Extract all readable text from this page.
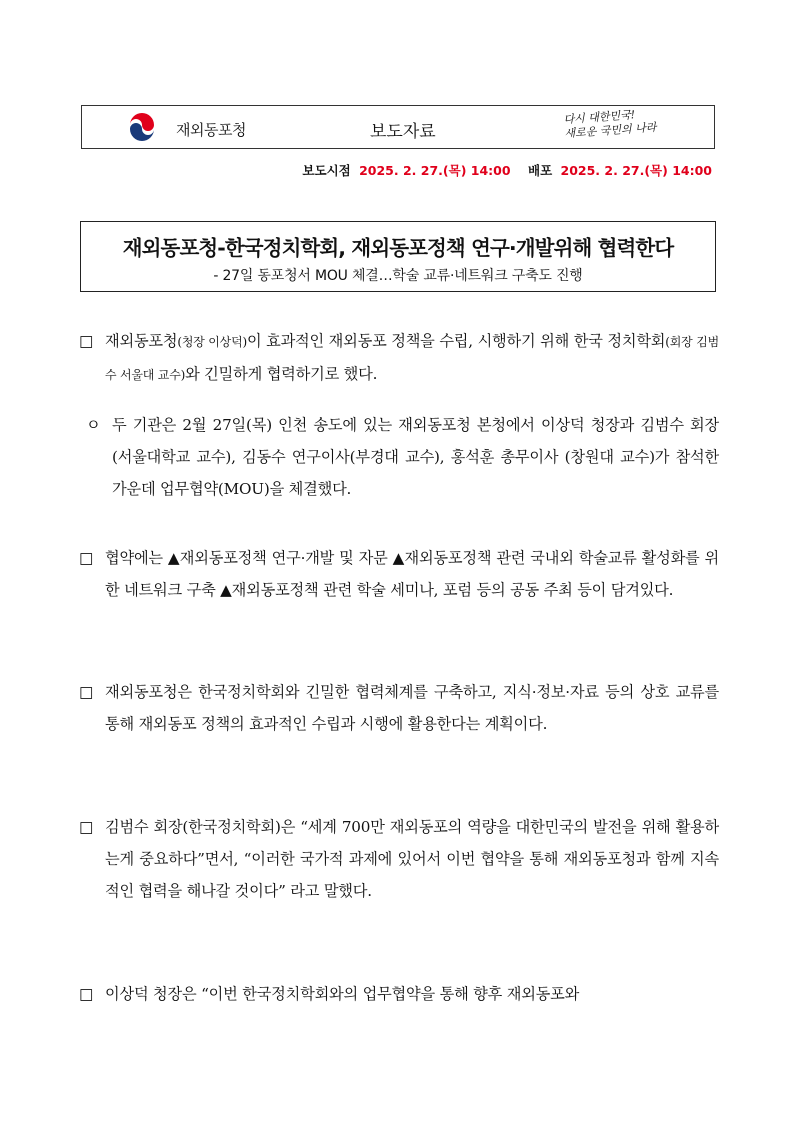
재외동포청	보도자료
다시 대한민국!
새로운 국민의 나라
보도시점 2025. 2. 27.(목) 14:00 배포 2025. 2. 27.(목) 14:00
재외동포청-한국정치학회, 재외동포정책 연구·개발위해 협력한다
- 27일 동포청서 MOU 체결…학술 교류·네트워크 구축도 진행
□ 재외동포청(청장 이상덕)이 효과적인 재외동포 정책을 수립, 시행하기 위해 한국 정치학회(회장 김범수 서울대 교수)와 긴밀하게 협력하기로 했다.
ㅇ 두 기관은 2월 27일(목) 인천 송도에 있는 재외동포청 본청에서 이상덕 청장과 김범수 회장(서울대학교 교수), 김동수 연구이사(부경대 교수), 홍석훈 총무이사 (창원대 교수)가 참석한 가운데 업무협약(MOU)을 체결했다.
□ 협약에는 ▲재외동포정책 연구·개발 및 자문 ▲재외동포정책 관련 국내외 학술교류 활성화를 위한 네트워크 구축 ▲재외동포정책 관련 학술 세미나, 포럼 등의 공동 주최 등이 담겨있다.
□ 재외동포청은 한국정치학회와 긴밀한 협력체계를 구축하고, 지식·정보·자료 등의 상호 교류를 통해 재외동포 정책의 효과적인 수립과 시행에 활용한다는 계획이다.
□ 김범수 회장(한국정치학회)은 “세계 700만 재외동포의 역량을 대한민국의 발전을 위해 활용하는게 중요하다”면서, “이러한 국가적 과제에 있어서 이번 협약을 통해 재외동포청과 함께 지속적인 협력을 해나갈 것이다” 라고 말했다.
□ 이상덕 청장은 “이번 한국정치학회와의 업무협약을 통해 향후 재외동포와
